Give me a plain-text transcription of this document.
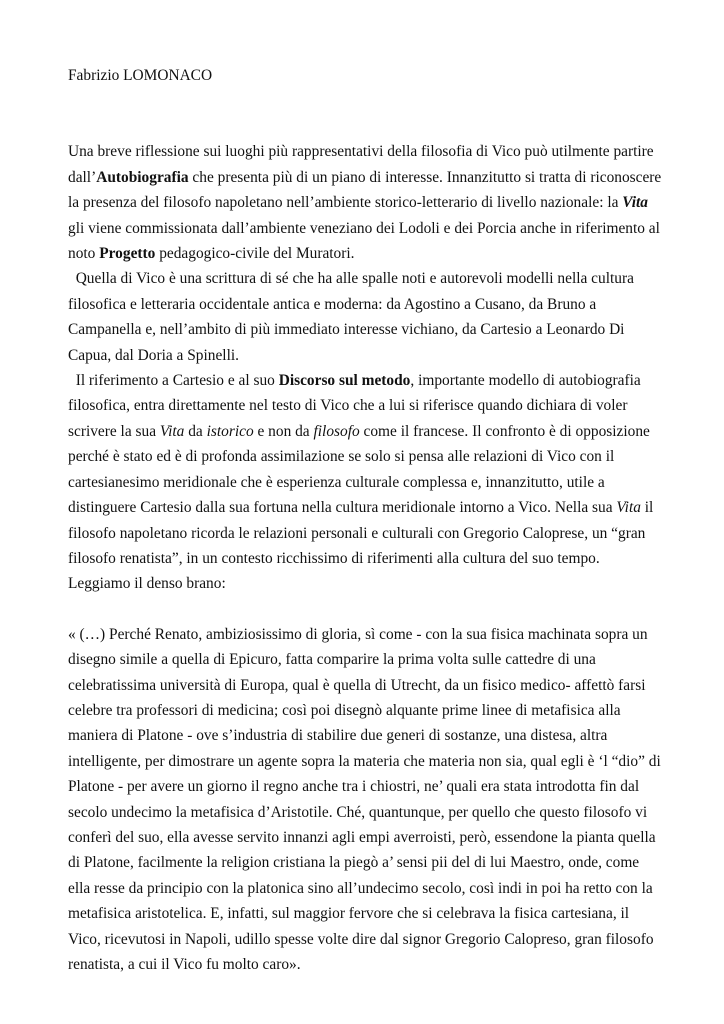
Fabrizio LOMONACO

Una breve riflessione sui luoghi più rappresentativi della filosofia di Vico può utilmente partire dall’Autobiografia che presenta più di un piano di interesse. Innanzitutto si tratta di riconoscere la presenza del filosofo napoletano nell’ambiente storico-letterario di livello nazionale: la Vita gli viene commissionata dall’ambiente veneziano dei Lodoli e dei Porcia anche in riferimento al noto Progetto pedagogico-civile del Muratori.

Quella di Vico è una scrittura di sé che ha alle spalle noti e autorevoli modelli nella cultura filosofica e letteraria occidentale antica e moderna: da Agostino a Cusano, da Bruno a Campanella e, nell’ambito di più immediato interesse vichiano, da Cartesio a Leonardo Di Capua, dal Doria a Spinelli.

Il riferimento a Cartesio e al suo Discorso sul metodo, importante modello di autobiografia filosofica, entra direttamente nel testo di Vico che a lui si riferisce quando dichiara di voler scrivere la sua Vita da istorico e non da filosofo come il francese. Il confronto è di opposizione perché è stato ed è di profonda assimilazione se solo si pensa alle relazioni di Vico con il cartesianesimo meridionale che è esperienza culturale complessa e, innanzitutto, utile a distinguere Cartesio dalla sua fortuna nella cultura meridionale intorno a Vico. Nella sua Vita il filosofo napoletano ricorda le relazioni personali e culturali con Gregorio Caloprese, un “gran filosofo renatista”, in un contesto ricchissimo di riferimenti alla cultura del suo tempo. Leggiamo il denso brano:

« (…) Perché Renato, ambiziosissimo di gloria, sì come - con la sua fisica machinata sopra un disegno simile a quella di Epicuro, fatta comparire la prima volta sulle cattedre di una celebratissima università di Europa, qual è quella di Utrecht, da un fisico medico- affettò farsi celebre tra professori di medicina; così poi disegnò alquante prime linee di metafisica alla maniera di Platone - ove s’industria di stabilire due generi di sostanze, una distesa, altra intelligente, per dimostrare un agente sopra la materia che materia non sia, qual egli è ‘l “dio” di Platone - per avere un giorno il regno anche tra i chiostri, ne’ quali era stata introdotta fin dal secolo undecimo la metafisica d’Aristotile. Ché, quantunque, per quello che questo filosofo vi conferì del suo, ella avesse servito innanzi agli empi averroisti, però, essendone la pianta quella di Platone, facilmente la religion cristiana la piegò a’ sensi pii del di lui Maestro, onde, come ella resse da principio con la platonica sino all’undecimo secolo, così indi in poi ha retto con la metafisica aristotelica. E, infatti, sul maggior fervore che si celebrava la fisica cartesiana, il Vico, ricevutosi in Napoli, udillo spesse volte dire dal signor Gregorio Calopreso, gran filosofo renatista, a cui il Vico fu molto caro».
